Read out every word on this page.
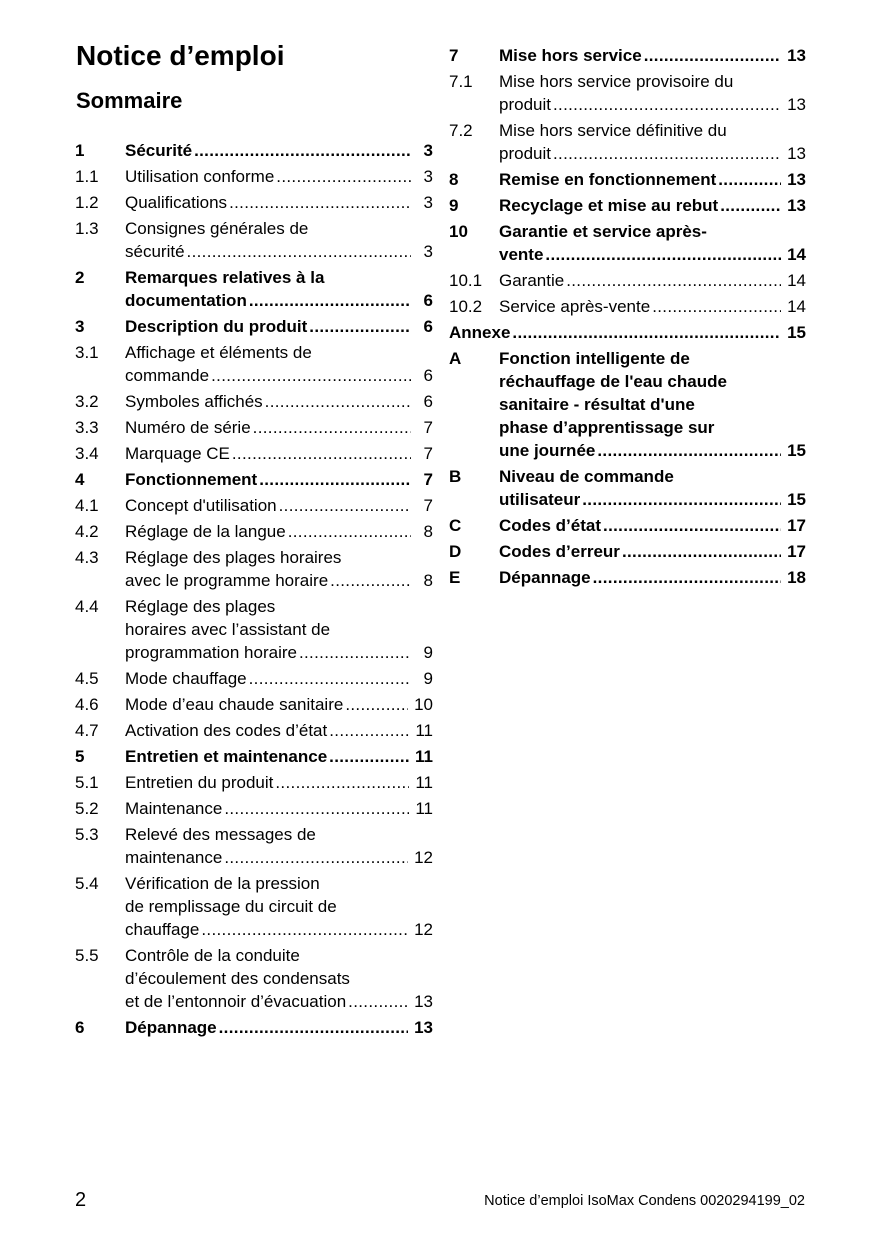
Notice d’emploi
Sommaire
1	Sécurité . . .	3
1.1	Utilisation conforme . . .	3
1.2	Qualifications . . .	3
1.3	Consignes générales de
sécurité . . .	3
2	Remarques relatives à la
documentation . . .	6
3	Description du produit . . .	6
3.1	Affichage et éléments de
commande . . .	6
3.2	Symboles affichés . . .	6
3.3	Numéro de série . . .	7
3.4	Marquage CE . . .	7
4	Fonctionnement . . .	7
4.1	Concept d'utilisation . . .	7
4.2	Réglage de la langue . . .	8
4.3	Réglage des plages horaires
avec le programme horaire . . .	8
4.4	Réglage des plages
horaires avec l’assistant de
programmation horaire . . .	9
4.5	Mode chauffage . . .	9
4.6	Mode d’eau chaude sanitaire . . .	10
4.7	Activation des codes d’état . . .	11
5	Entretien et maintenance . . .	11
5.1	Entretien du produit . . .	11
5.2	Maintenance . . .	11
5.3	Relevé des messages de
maintenance . . .	12
5.4	Vérification de la pression
de remplissage du circuit de
chauffage . . .	12
5.5	Contrôle de la conduite
d’écoulement des condensats
et de l’entonnoir d’évacuation . . .	13
6	Dépannage . . .	13
7	Mise hors service . . .	13
7.1	Mise hors service provisoire du
produit . . .	13
7.2	Mise hors service définitive du
produit . . .	13
8	Remise en fonctionnement . . .	13
9	Recyclage et mise au rebut . . .	13
10	Garantie et service après-
vente . . .	14
10.1 Garantie . . .	14
10.2 Service après-vente . . .	14
Annexe . . .	15
A	Fonction intelligente de
réchauffage de l'eau chaude
sanitaire - résultat d'une
phase d’apprentissage sur
une journée . . .	15
B	Niveau de commande
utilisateur . . .	15
C	Codes d’état . . .	17
D	Codes d’erreur . . .	17
E	Dépannage . . .	18
2	Notice d’emploi IsoMax Condens 0020294199_02
